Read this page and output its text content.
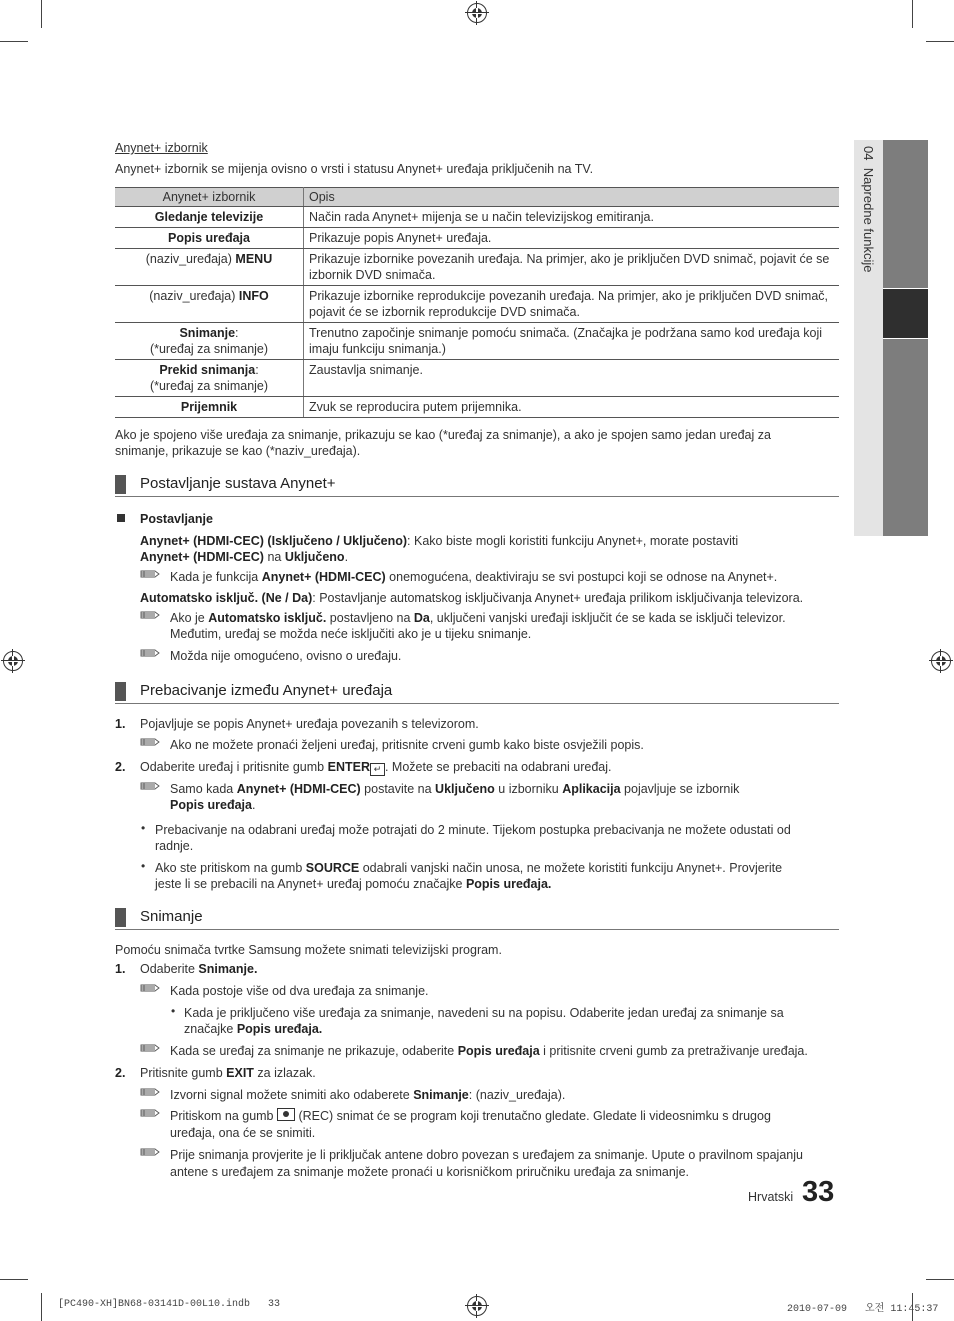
04  Napredne funkcije
Anynet+ izbornik
Anynet+ izbornik se mijenja ovisno o vrsti i statusu Anynet+ uređaja priključenih na TV.
Anynet+ izbornik	Opis
Gledanje televizije	Način rada Anynet+ mijenja se u način televizijskog emitiranja.
Popis uređaja	Prikazuje popis Anynet+ uređaja.
(naziv_uređaja) MENU	Prikazuje izbornike povezanih uređaja. Na primjer, ako je priključen DVD snimač, pojavit će se izbornik DVD snimača.
(naziv_uređaja) INFO	Prikazuje izbornike reprodukcije povezanih uređaja. Na primjer, ako je priključen DVD snimač, pojavit će se izbornik reprodukcije DVD snimača.
Snimanje:
(*uređaj za snimanje)	Trenutno započinje snimanje pomoću snimača. (Značajka je podržana samo kod uređaja koji imaju funkciju snimanja.)
Prekid snimanja:
(*uređaj za snimanje)	Zaustavlja snimanje.
Prijemnik	Zvuk se reproducira putem prijemnika.
Ako je spojeno više uređaja za snimanje, prikazuju se kao (*uređaj za snimanje), a ako je spojen samo jedan uređaj za
snimanje, prikazuje se kao (*naziv_uređaja).
Postavljanje sustava Anynet+
Postavljanje
Anynet+ (HDMI-CEC) (Isključeno / Uključeno): Kako biste mogli koristiti funkciju Anynet+, morate postaviti
Anynet+ (HDMI-CEC) na Uključeno.
Kada je funkcija Anynet+ (HDMI-CEC) onemogućena, deaktiviraju se svi postupci koji se odnose na Anynet+.
Automatsko isključ. (Ne / Da): Postavljanje automatskog isključivanja Anynet+ uređaja prilikom isključivanja televizora.
Ako je Automatsko isključ. postavljeno na Da, uključeni vanjski uređaji isključit će se kada se isključi televizor.
Međutim, uređaj se možda neće isključiti ako je u tijeku snimanje.
Možda nije omogućeno, ovisno o uređaju.
Prebacivanje između Anynet+ uređaja
1. Pojavljuje se popis Anynet+ uređaja povezanih s televizorom.
Ako ne možete pronaći željeni uređaj, pritisnite crveni gumb kako biste osvježili popis.
2. Odaberite uređaj i pritisnite gumb ENTER ↵ . Možete se prebaciti na odabrani uređaj.
Samo kada Anynet+ (HDMI-CEC) postavite na Uključeno u izborniku Aplikacija pojavljuje se izbornik
Popis uređaja.
• Prebacivanje na odabrani uređaj može potrajati do 2 minute. Tijekom postupka prebacivanja ne možete odustati od
radnje.
• Ako ste pritiskom na gumb SOURCE odabrali vanjski način unosa, ne možete koristiti funkciju Anynet+. Provjerite
jeste li se prebacili na Anynet+ uređaj pomoću značajke Popis uređaja.
Snimanje
Pomoću snimača tvrtke Samsung možete snimati televizijski program.
1. Odaberite Snimanje.
Kada postoje više od dva uređaja za snimanje.
• Kada je priključeno više uređaja za snimanje, navedeni su na popisu. Odaberite jedan uređaj za snimanje sa
značajke Popis uređaja.
Kada se uređaj za snimanje ne prikazuje, odaberite Popis uređaja i pritisnite crveni gumb za pretraživanje uređaja.
2. Pritisnite gumb EXIT za izlazak.
Izvorni signal možete snimiti ako odaberete Snimanje: (naziv_uređaja).
Pritiskom na gumb  (REC) snimat će se program koji trenutačno gledate. Gledate li videosnimku s drugog
uređaja, ona će se snimiti.
Prije snimanja provjerite je li priključak antene dobro povezan s uređajem za snimanje. Upute o pravilnom spajanju
antene s uređajem za snimanje možete pronaći u korisničkom priručniku uređaja za snimanje.
Hrvatski 33
[PC490-XH]BN68-03141D-00L10.indb   33	2010-07-09   오전 11:45:37
